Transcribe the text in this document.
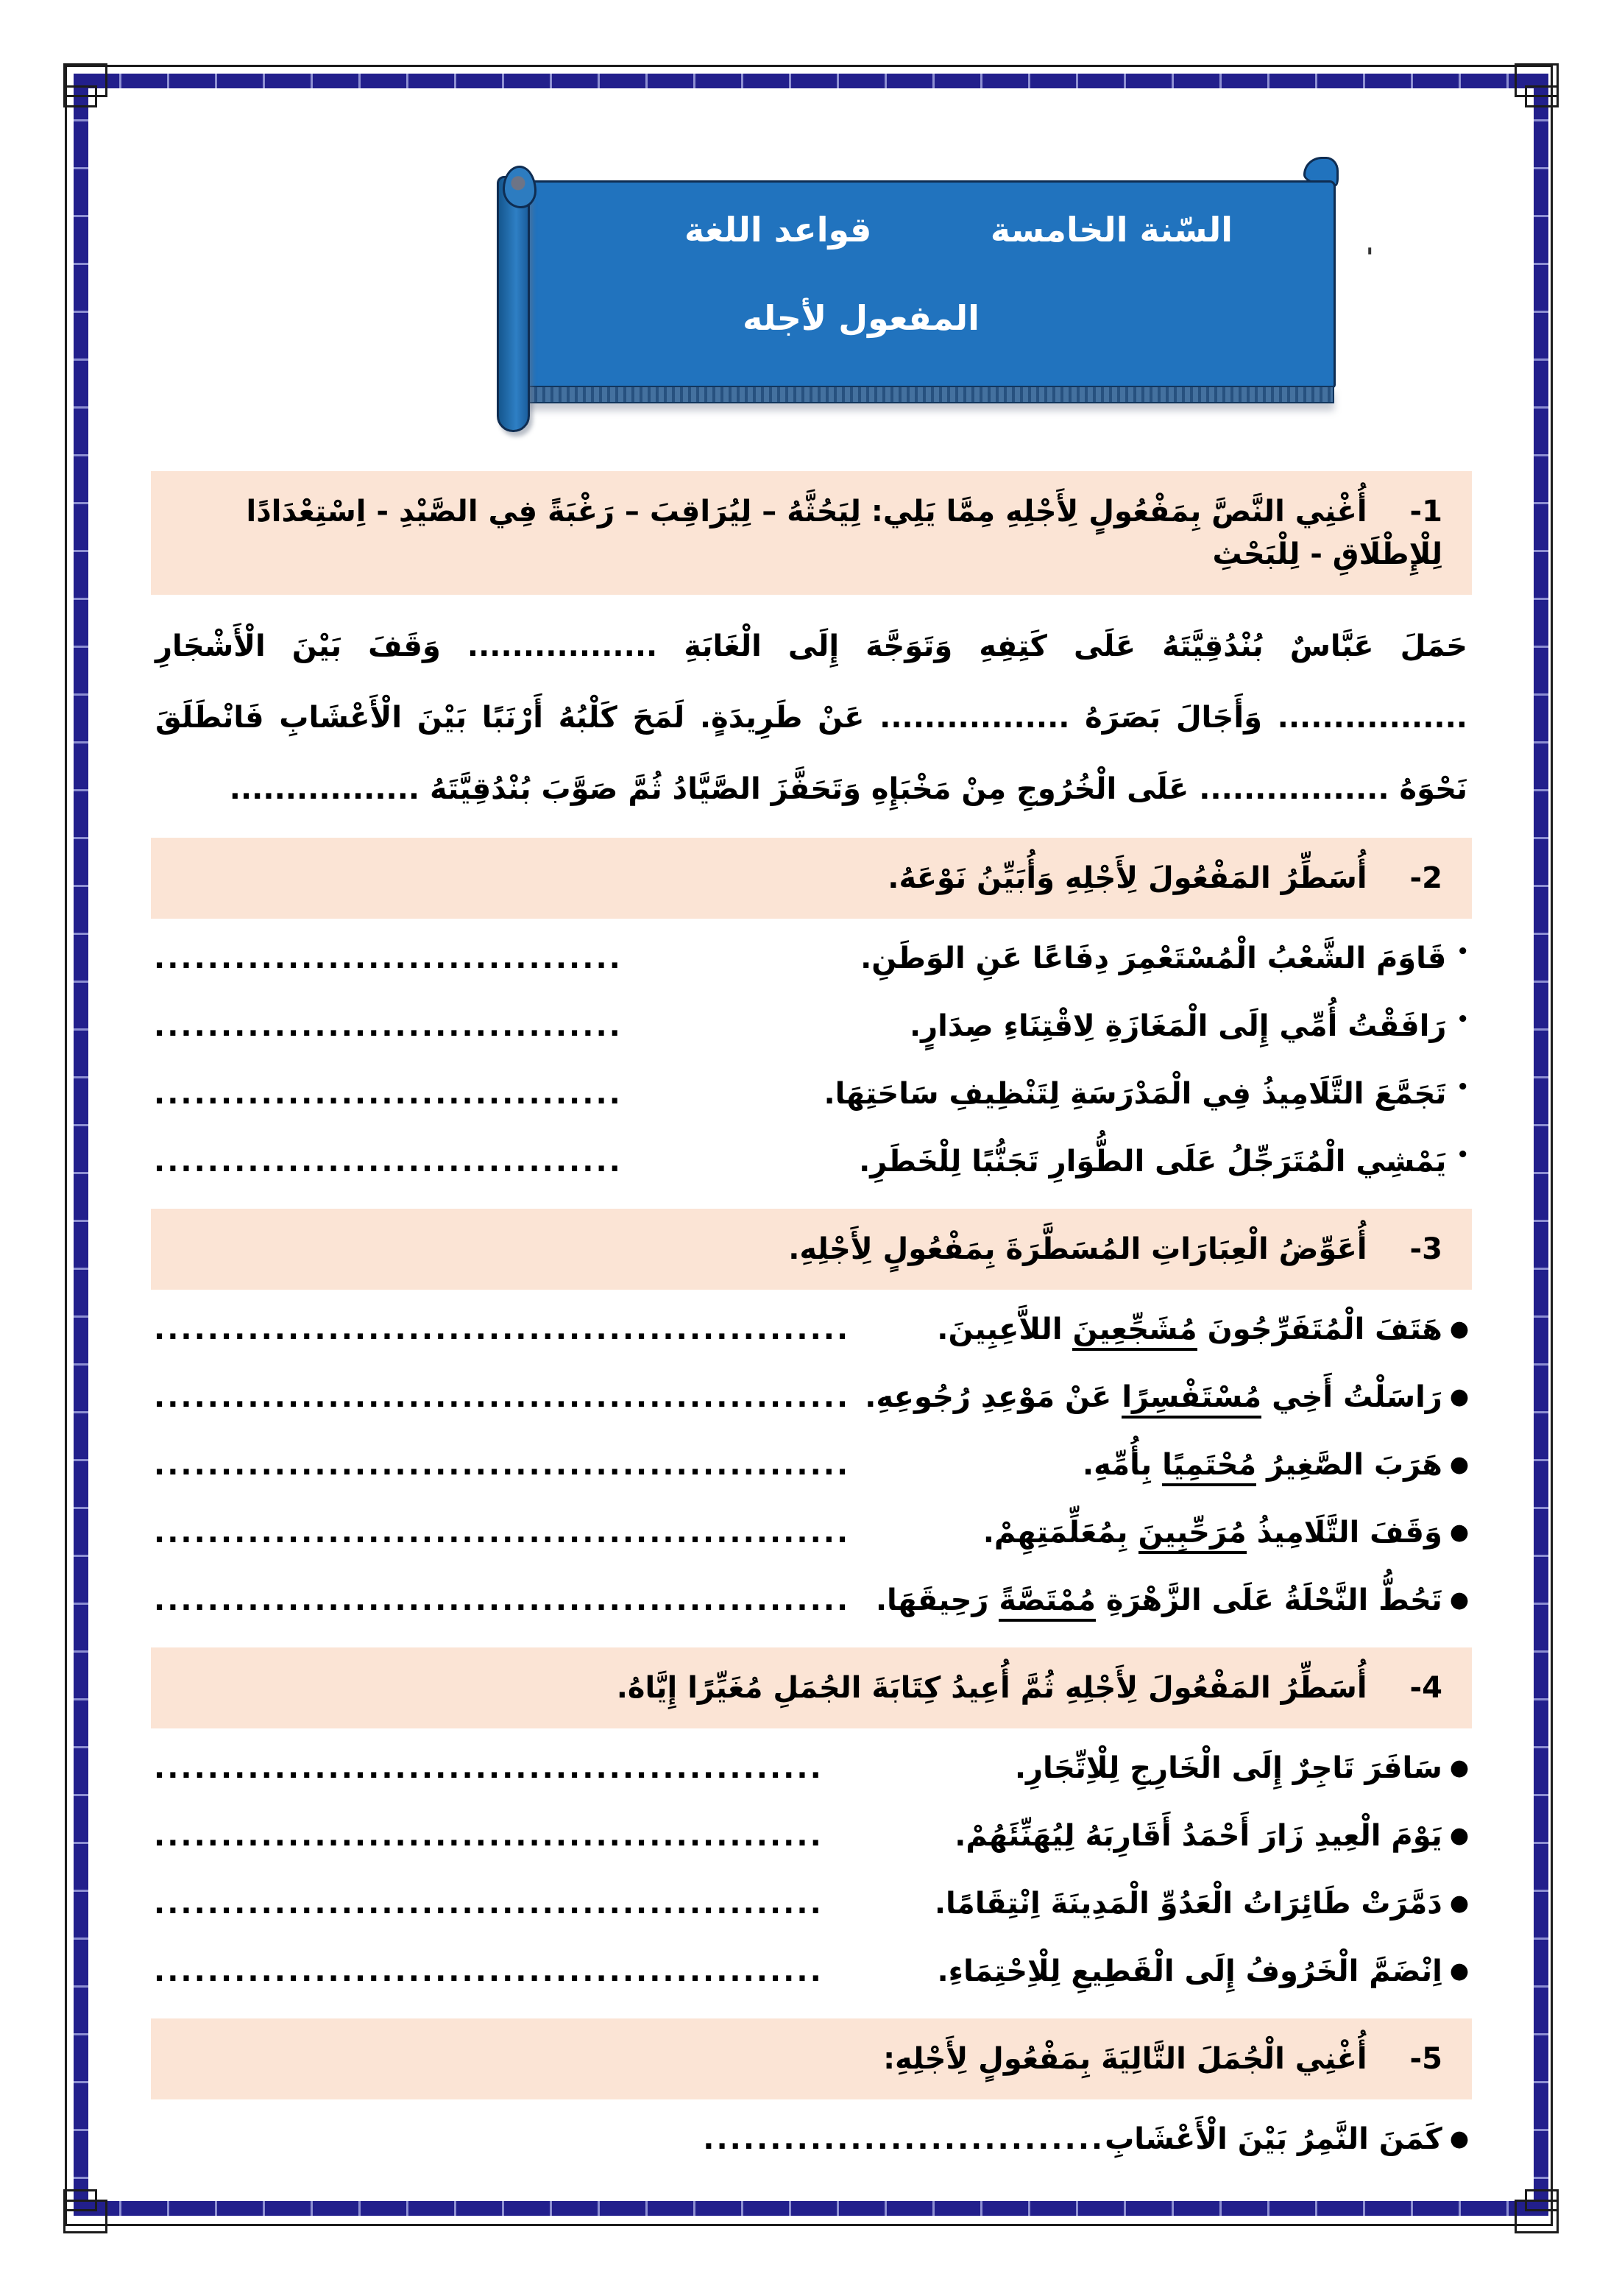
'
السّنة الخامسة
قواعد اللغة
المفعول لأجله
1-أُغْنِي النَّصَّ بِمَفْعُولٍ لِأَجْلِهِ مِمَّا يَلِي: لِيَحُثَّهُ – لِيُرَاقِبَ – رَغْبَةً فِي الصَّيْدِ - اِسْتِعْدَادًا لِلْإِطْلَاقِ - لِلْبَحْثِ
حَمَلَ عَبَّاسٌ بُنْدُقِيَّتَهُ عَلَى كَتِفِهِ وَتَوَجَّهَ إِلَى الْغَابَةِ ................. وَقَفَ بَيْنَ الْأَشْجَارِ ................. وَأَجَالَ بَصَرَهُ ................. عَنْ طَرِيدَةٍ. لَمَحَ كَلْبُهُ أَرْنَبًا بَيْنَ الْأَعْشَابِ فَانْطَلَقَ نَحْوَهُ ................. عَلَى الْخُرُوجِ مِنْ مَخْبَإِهِ وَتَحَفَّزَ الصَّيَّادُ ثُمَّ صَوَّبَ بُنْدُقِيَّتَهُ .................
2-أُسَطِّرُ المَفْعُولَ لِأَجْلِهِ وَأُبَيِّنُ نَوْعَهُ.
•قَاوَمَ الشَّعْبُ الْمُسْتَعْمِرَ دِفَاعًا عَنِ الوَطَنِ.
...................................
•رَافَقْتُ أُمِّي إِلَى الْمَغَازَةِ لِاقْتِنَاءِ صِدَارٍ.
...................................
•تَجَمَّعَ التَّلَامِيذُ فِي الْمَدْرَسَةِ لِتَنْظِيفِ سَاحَتِهَا.
...................................
•يَمْشِي الْمُتَرَجِّلُ عَلَى الطُّوَارِ تَجَنُّبًا لِلْخَطَرِ.
...................................
3-أُعَوِّضُ الْعِبَارَاتِ المُسَطَّرَةَ بِمَفْعُولٍ لِأَجْلِهِ.
●هَتَفَ الْمُتَفَرِّجُونَ مُشَجِّعِينَ اللاَّعِبِينَ.
....................................................
●رَاسَلْتُ أَخِي مُسْتَفْسِرًا عَنْ مَوْعِدِ رُجُوعِهِ.
....................................................
●هَرَبَ الصَّغِيرُ مُحْتَمِيًا بِأُمِّهِ.
....................................................
●وَقَفَ التَّلَامِيذُ مُرَحِّبِينَ بِمُعَلِّمَتِهِمْ.
....................................................
●تَحُطُّ النَّحْلَةُ عَلَى الزَّهْرَةِ مُمْتَصَّةً رَحِيقَهَا.
....................................................
4-أُسَطِّرُ المَفْعُولَ لِأَجْلِهِ ثُمَّ أُعِيدُ كِتَابَةَ الجُمَلِ مُغَيِّرًا إِيَّاهُ.
●سَافَرَ تَاجِرٌ إِلَى الْخَارِجِ لِلْاِتِّجَارِ.
..................................................
●يَوْمَ الْعِيدِ زَارَ أَحْمَدُ أَقَارِبَهُ لِيُهَنِّئَهُمْ.
..................................................
●دَمَّرَتْ طَائِرَاتُ الْعَدُوِّ الْمَدِينَةَ اِنْتِقَامًا.
..................................................
●اِنْضَمَّ الْخَرُوفُ إِلَى الْقَطِيعِ لِلْاِحْتِمَاءِ.
..................................................
5-أُغْنِي الْجُمَلَ التَّالِيَةَ بِمَفْعُولٍ لِأَجْلِهِ:
●كَمَنَ النَّمِرُ بَيْنَ الْأَعْشَابِ
..............................
